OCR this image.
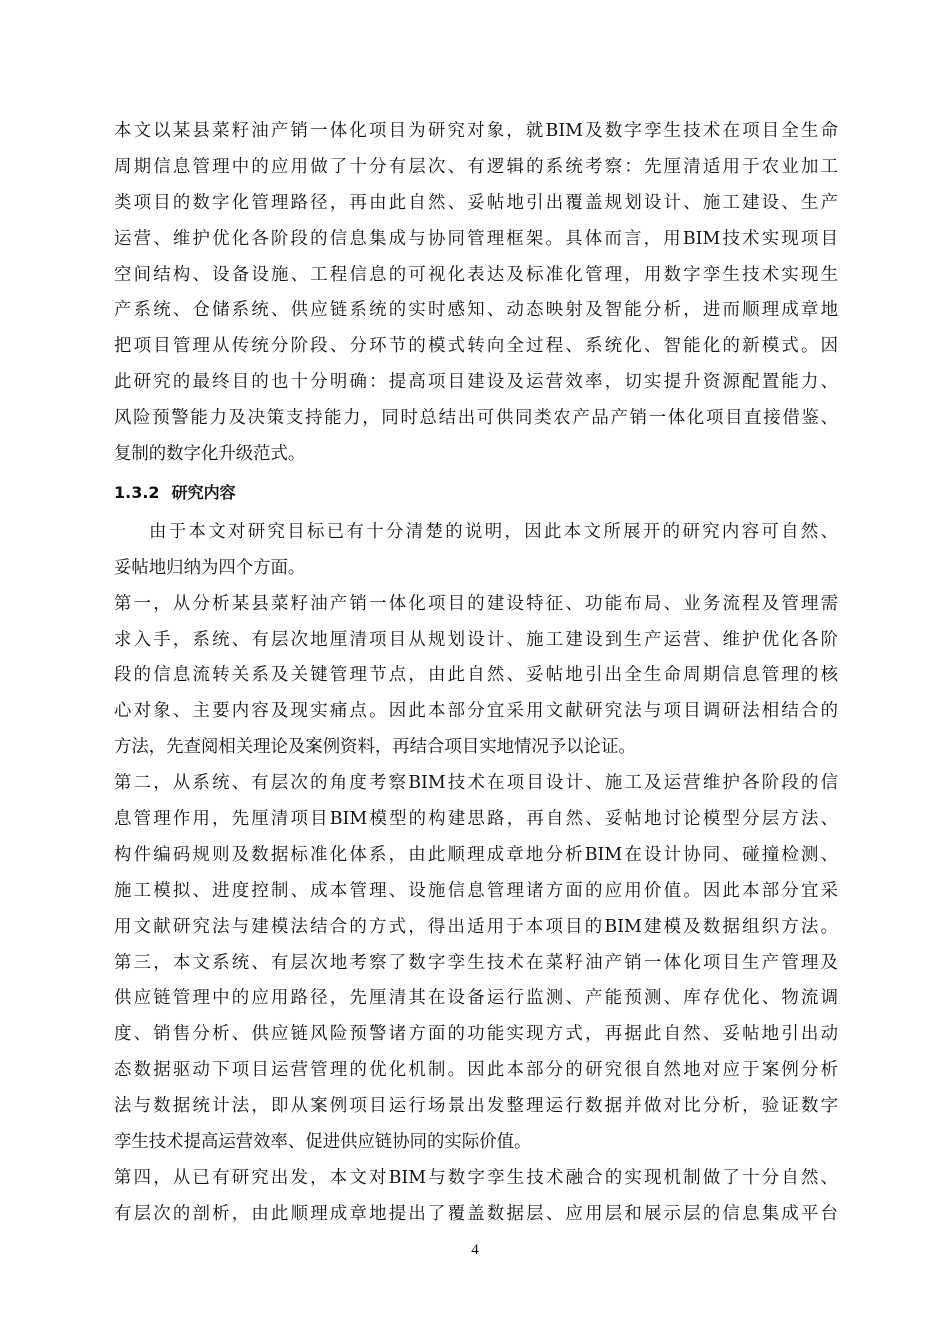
本文以某县菜籽油产销一体化项目为研究对象，就BIM及数字孪生技术在项目全生命
周期信息管理中的应用做了十分有层次、有逻辑的系统考察：先厘清适用于农业加工
类项目的数字化管理路径，再由此自然、妥帖地引出覆盖规划设计、施工建设、生产
运营、维护优化各阶段的信息集成与协同管理框架。具体而言，用BIM技术实现项目
空间结构、设备设施、工程信息的可视化表达及标准化管理，用数字孪生技术实现生
产系统、仓储系统、供应链系统的实时感知、动态映射及智能分析，进而顺理成章地
把项目管理从传统分阶段、分环节的模式转向全过程、系统化、智能化的新模式。因
此研究的最终目的也十分明确：提高项目建设及运营效率，切实提升资源配置能力、
风险预警能力及决策支持能力，同时总结出可供同类农产品产销一体化项目直接借鉴、
复制的数字化升级范式。
1.3.2 研究内容
由于本文对研究目标已有十分清楚的说明，因此本文所展开的研究内容可自然、
妥帖地归纳为四个方面。
第一，从分析某县菜籽油产销一体化项目的建设特征、功能布局、业务流程及管理需
求入手，系统、有层次地厘清项目从规划设计、施工建设到生产运营、维护优化各阶
段的信息流转关系及关键管理节点，由此自然、妥帖地引出全生命周期信息管理的核
心对象、主要内容及现实痛点。因此本部分宜采用文献研究法与项目调研法相结合的
方法，先查阅相关理论及案例资料，再结合项目实地情况予以论证。
第二，从系统、有层次的角度考察BIM技术在项目设计、施工及运营维护各阶段的信
息管理作用，先厘清项目BIM模型的构建思路，再自然、妥帖地讨论模型分层方法、
构件编码规则及数据标准化体系，由此顺理成章地分析BIM在设计协同、碰撞检测、
施工模拟、进度控制、成本管理、设施信息管理诸方面的应用价值。因此本部分宜采
用文献研究法与建模法结合的方式，得出适用于本项目的BIM建模及数据组织方法。
第三，本文系统、有层次地考察了数字孪生技术在菜籽油产销一体化项目生产管理及
供应链管理中的应用路径，先厘清其在设备运行监测、产能预测、库存优化、物流调
度、销售分析、供应链风险预警诸方面的功能实现方式，再据此自然、妥帖地引出动
态数据驱动下项目运营管理的优化机制。因此本部分的研究很自然地对应于案例分析
法与数据统计法，即从案例项目运行场景出发整理运行数据并做对比分析，验证数字
孪生技术提高运营效率、促进供应链协同的实际价值。
第四，从已有研究出发，本文对BIM与数字孪生技术融合的实现机制做了十分自然、
有层次的剖析，由此顺理成章地提出了覆盖数据层、应用层和展示层的信息集成平台
4
